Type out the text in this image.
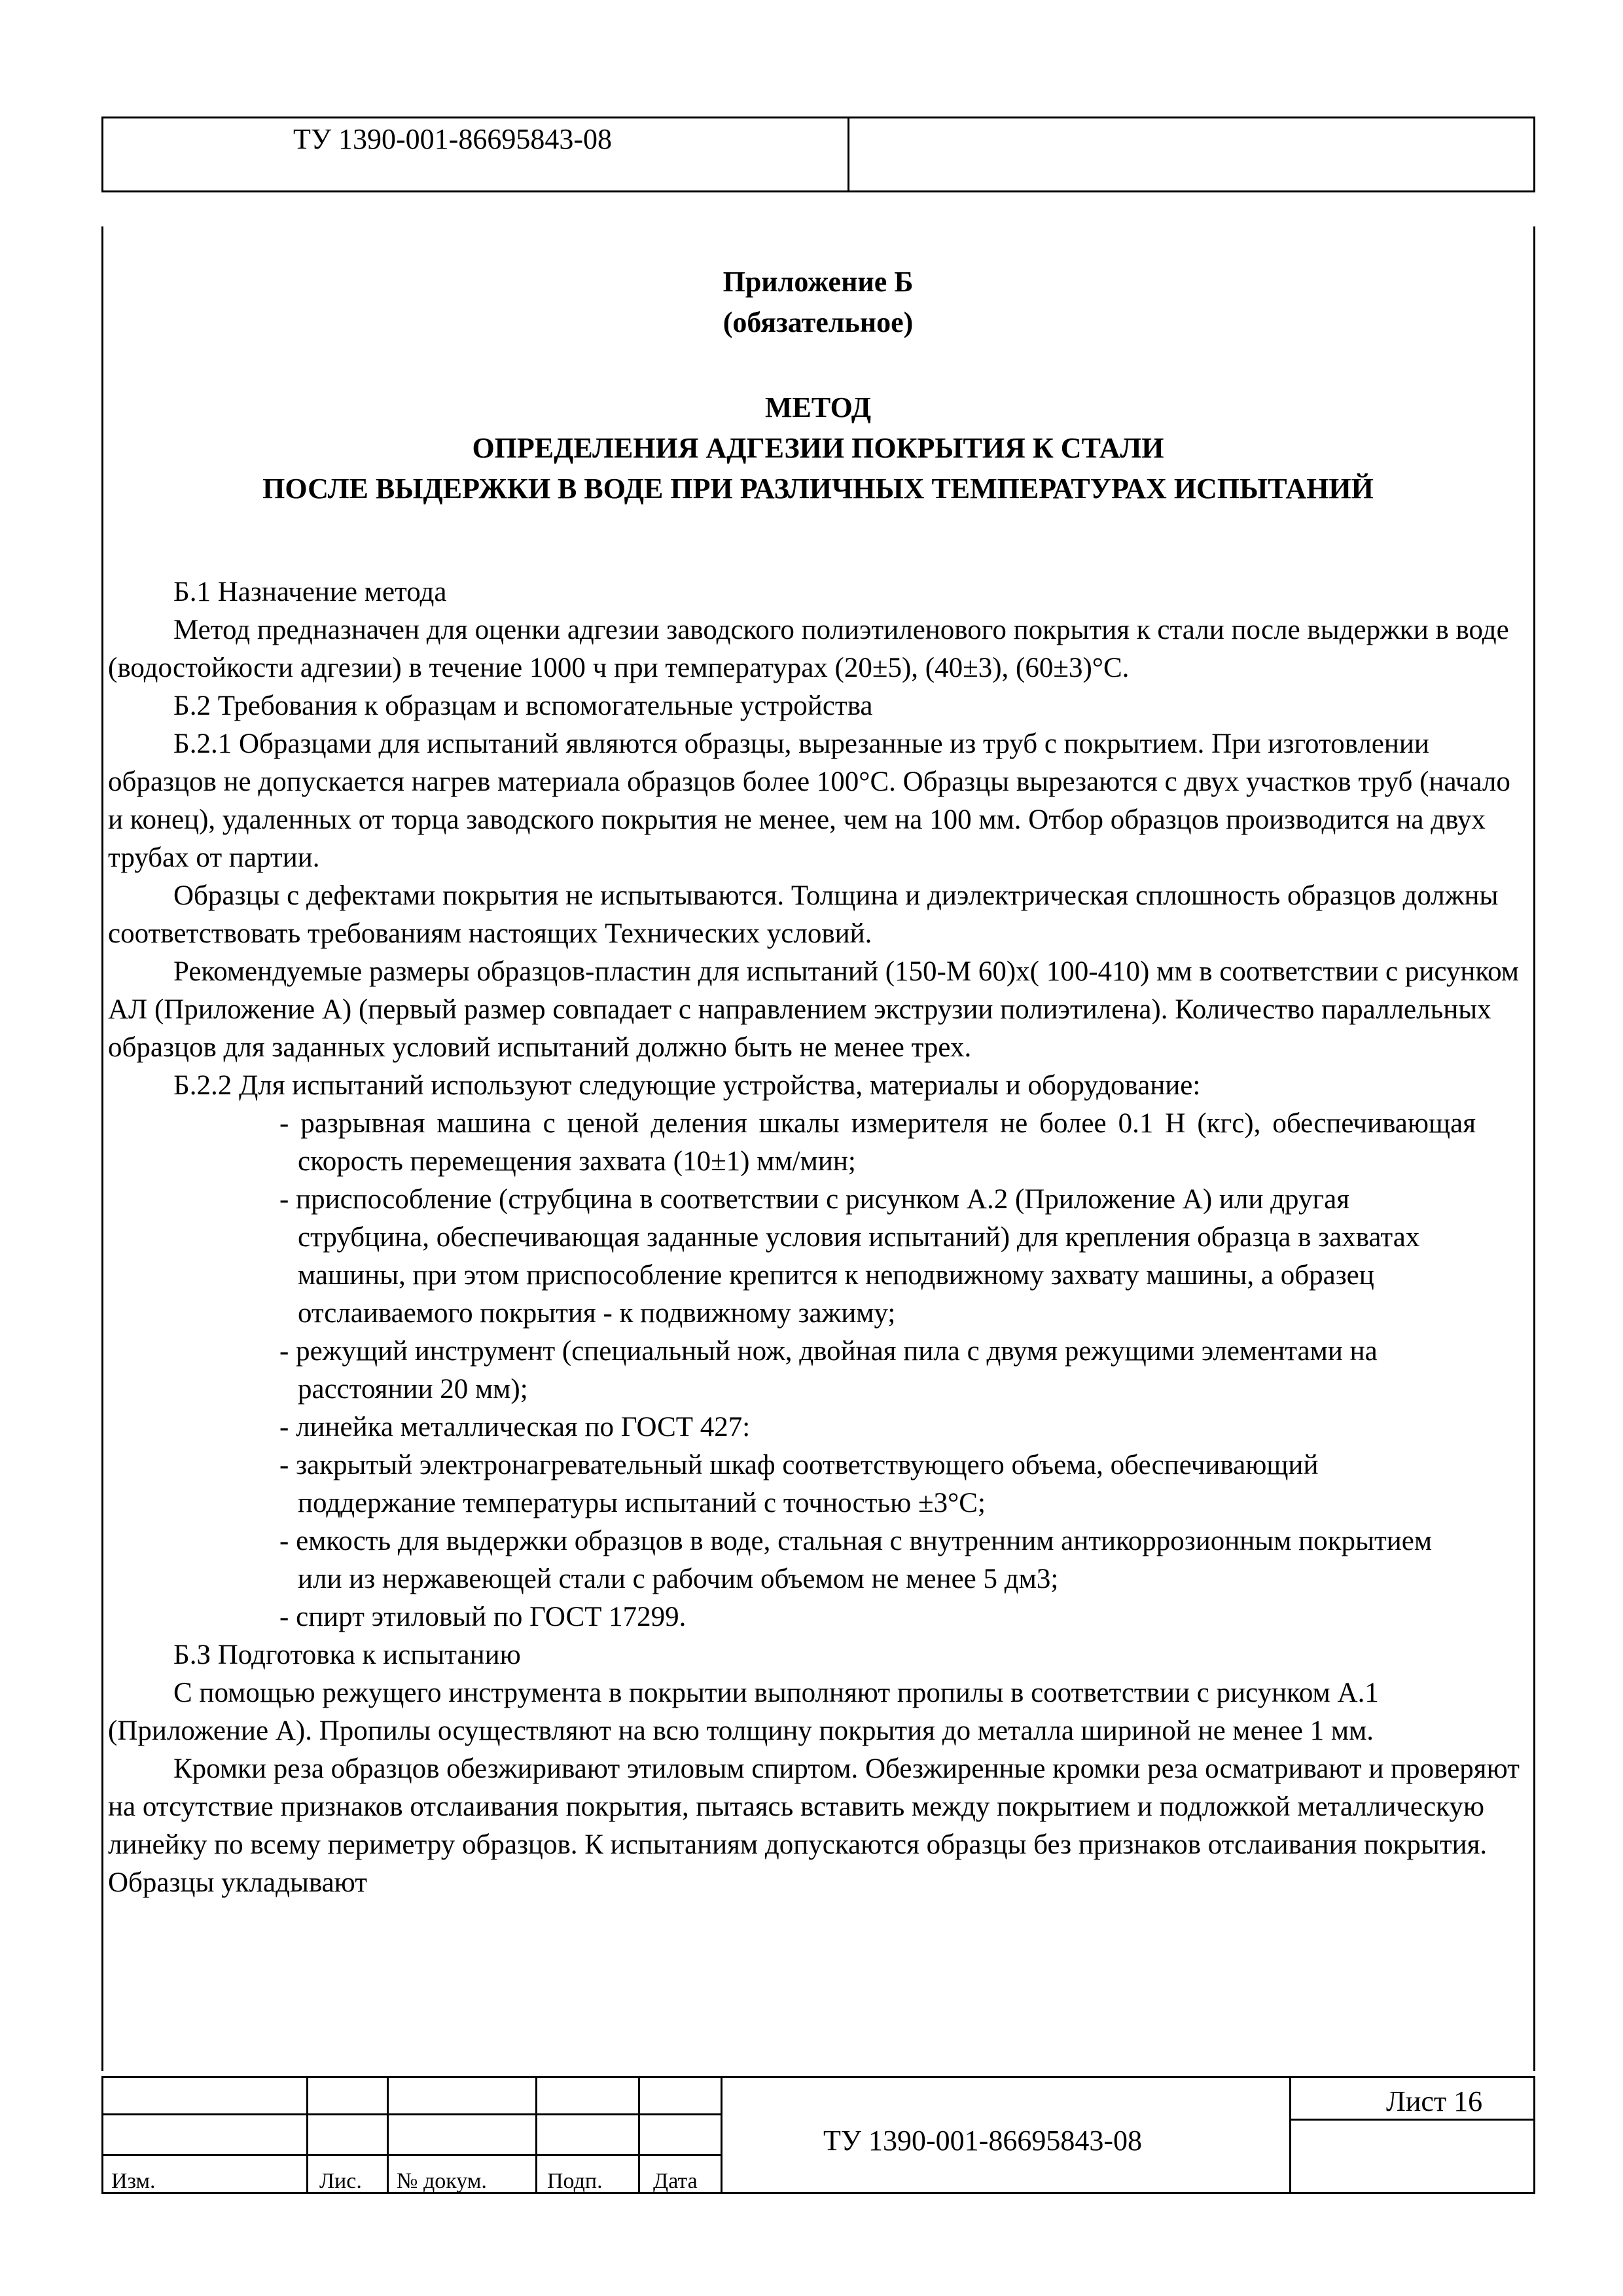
ТУ 1390-001-86695843-08

Приложение Б

(обязательное)

МЕТОД

ОПРЕДЕЛЕНИЯ АДГЕЗИИ ПОКРЫТИЯ К СТАЛИ

ПОСЛЕ ВЫДЕРЖКИ В ВОДЕ ПРИ РАЗЛИЧНЫХ ТЕМПЕРАТУРАХ ИСПЫТАНИЙ

Б.1 Назначение метода

Метод предназначен для оценки адгезии заводского полиэтиленового покрытия к стали после выдержки в воде (водостойкости адгезии) в течение 1000 ч при температурах (20±5), (40±3), (60±3)°С.

Б.2 Требования к образцам и вспомогательные устройства

Б.2.1 Образцами для испытаний являются образцы, вырезанные из труб с покрытием. При изготовлении образцов не допускается нагрев материала образцов более 100°С. Образцы вырезаются с двух участков труб (начало и конец), удаленных от торца заводского покрытия не менее, чем на 100 мм. Отбор образцов производится на двух трубах от партии.

Образцы с дефектами покрытия не испытываются. Толщина и диэлектрическая сплошность образцов должны соответствовать требованиям настоящих Технических условий.

Рекомендуемые размеры образцов-пластин для испытаний (150-М 60)х( 100-410) мм в соответствии с рисунком АЛ (Приложение А) (первый размер совпадает с направлением экструзии полиэтилена). Количество параллельных образцов для заданных условий испытаний должно быть не менее трех.

Б.2.2 Для испытаний используют следующие устройства, материалы и оборудование:

- разрывная машина с ценой деления шкалы измерителя не более 0.1 Н (кгс), обеспечивающая скорость перемещения захвата (10±1) мм/мин;

- приспособление (струбцина в соответствии с рисунком А.2 (Приложение А) или другая струбцина, обеспечивающая заданные условия испытаний) для крепления образца в захватах машины, при этом приспособление крепится к неподвижному захвату машины, а образец отслаиваемого покрытия - к подвижному зажиму;

- режущий инструмент (специальный нож, двойная пила с двумя режущими элементами на расстоянии 20 мм);

- линейка металлическая по ГОСТ 427:

- закрытый электронагревательный шкаф соответствующего объема, обеспечивающий поддержание температуры испытаний с точностью ±3°С;

- емкость для выдержки образцов в воде, стальная с внутренним антикоррозионным покрытием или из нержавеющей стали с рабочим объемом не менее 5 дм3;

- спирт этиловый по ГОСТ 17299.

Б.З Подготовка к испытанию

С помощью режущего инструмента в покрытии выполняют пропилы в соответствии с рисунком А.1 (Приложение А). Пропилы осуществляют на всю толщину покрытия до металла шириной не менее 1 мм.

Кромки реза образцов обезжиривают этиловым спиртом. Обезжиренные кромки реза осматривают и проверяют на отсутствие признаков отслаивания покрытия, пытаясь вставить между покрытием и подложкой металлическую линейку по всему периметру образцов. К испытаниям допускаются образцы без признаков отслаивания покрытия. Образцы укладывают

Изм.	Лис. № докум.	Подп. Дата
ТУ 1390-001-86695843-08
Лист 16
